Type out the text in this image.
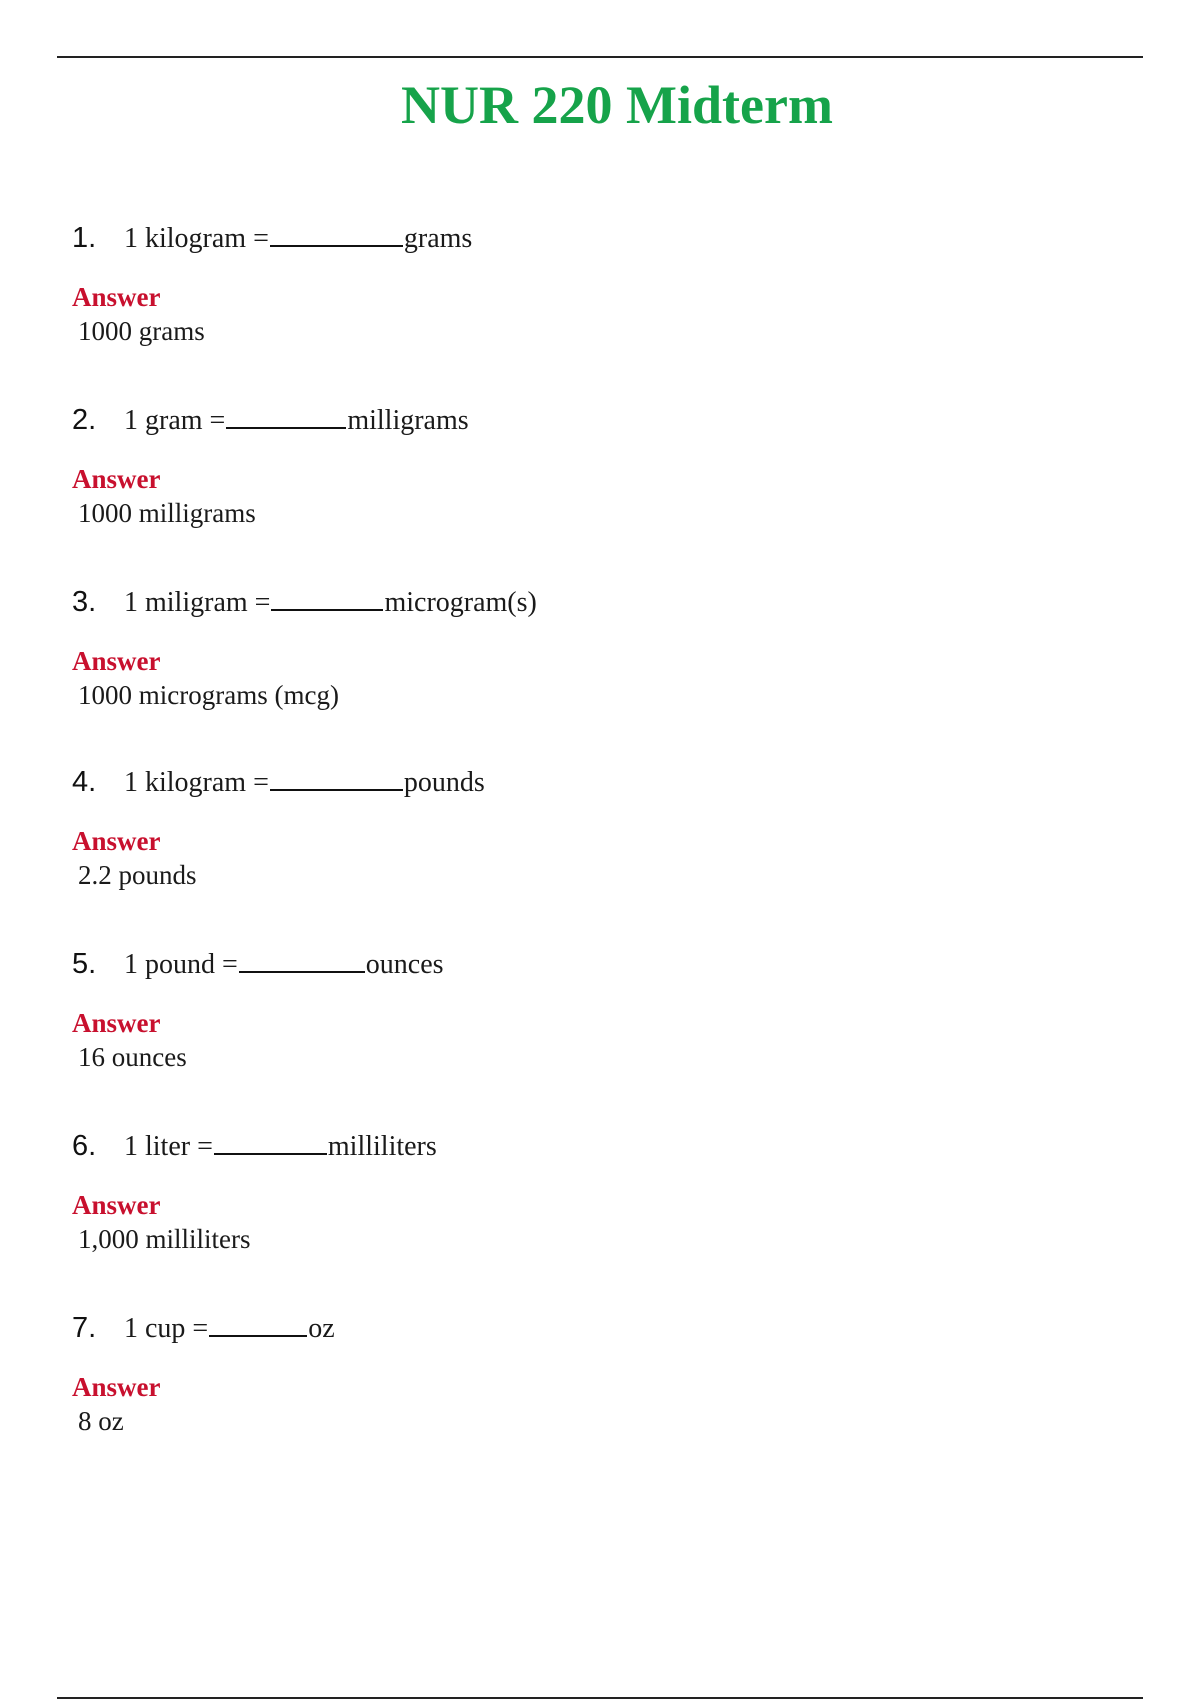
NUR 220 Midterm
1. 1 kilogram =	grams
Answer
1000 grams
2. 1 gram =	milligrams
Answer
1000 milligrams
3. 1 miligram =	microgram(s)
Answer
1000 micrograms (mcg)
4. 1 kilogram =	pounds
Answer
2.2 pounds
5. 1 pound =	ounces
Answer
16 ounces
6. 1 liter =	milliliters
Answer
1,000 milliliters
7. 1 cup =	oz
Answer
8 oz
